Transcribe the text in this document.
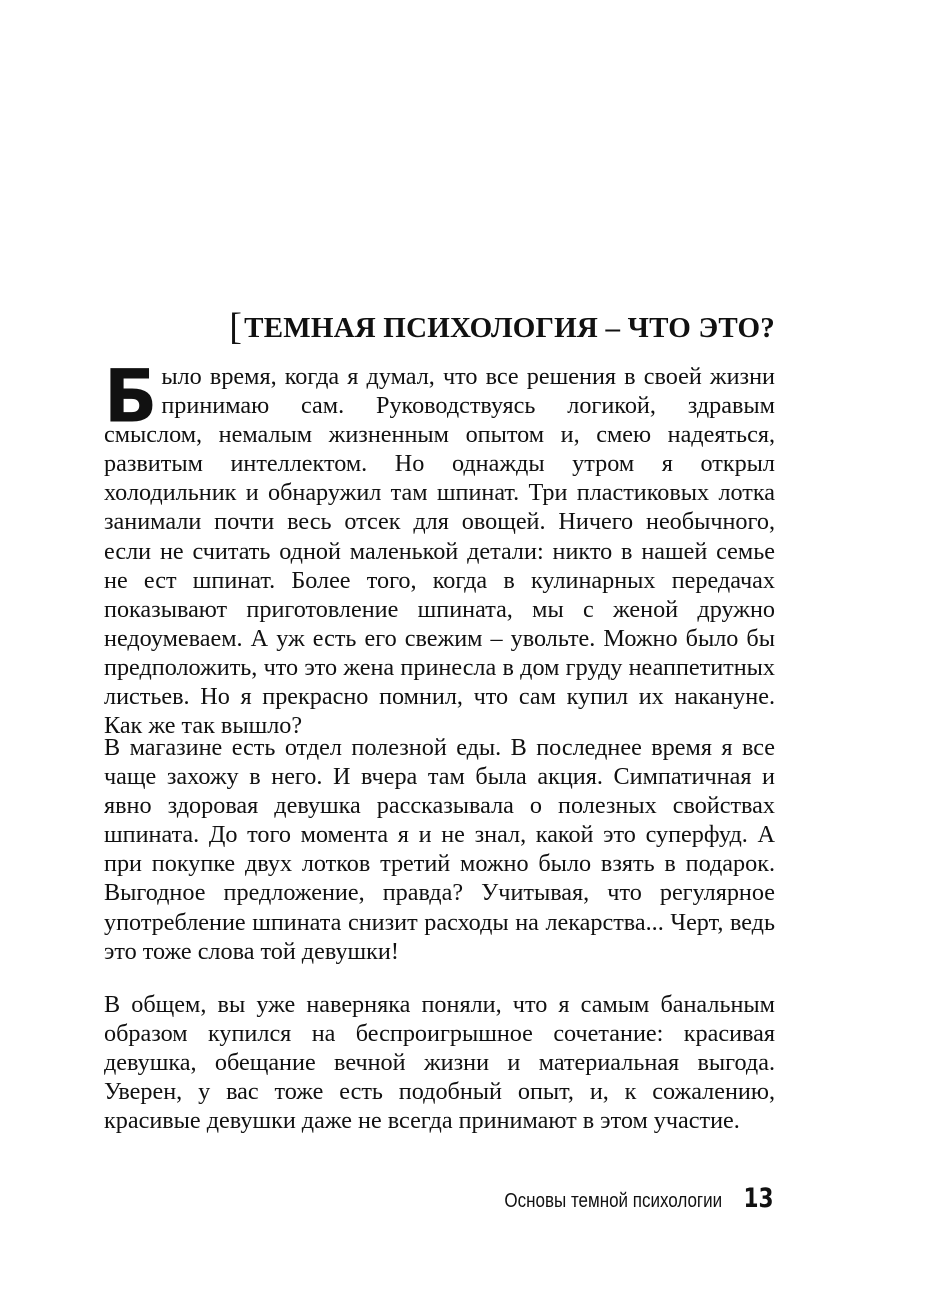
[ ТЕМНАЯ ПСИХОЛОГИЯ – ЧТО ЭТО?
Было время, когда я думал, что все решения в своей жизни принимаю сам. Руководствуясь логикой, здравым смыслом, немалым жизненным опытом и, смею надеяться, развитым интеллектом. Но однажды утром я открыл холодильник и обнаружил там шпинат. Три пластиковых лотка занимали почти весь отсек для овощей. Ничего необычного, если не считать одной маленькой детали: никто в нашей семье не ест шпинат. Более того, когда в кулинарных передачах показывают приготовление шпината, мы с женой дружно недоумеваем. А уж есть его свежим – увольте. Можно было бы предположить, что это жена принесла в дом груду неаппетитных листьев. Но я прекрасно помнил, что сам купил их накануне. Как же так вышло?
В магазине есть отдел полезной еды. В последнее время я все чаще захожу в него. И вчера там была акция. Симпатичная и явно здоровая девушка рассказывала о полезных свойствах шпината. До того момента я и не знал, какой это суперфуд. А при покупке двух лотков третий можно было взять в подарок. Выгодное предложение, правда? Учитывая, что регулярное употребление шпината снизит расходы на лекарства... Черт, ведь это тоже слова той девушки!
В общем, вы уже наверняка поняли, что я самым банальным образом купился на беспроигрышное сочетание: красивая девушка, обещание вечной жизни и материальная выгода. Уверен, у вас тоже есть подобный опыт, и, к сожалению, красивые девушки даже не всегда принимают в этом участие.
Основы темной психологии 13
